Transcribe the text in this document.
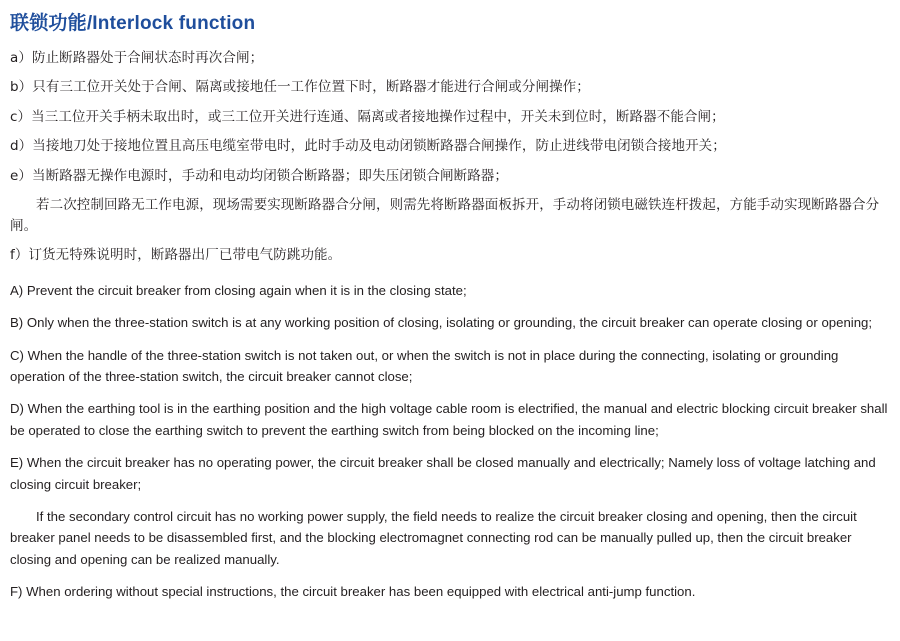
联锁功能/Interlock function

a）防止断路器处于合闸状态时再次合闸；

b）只有三工位开关处于合闸、隔离或接地任一工作位置下时，断路器才能进行合闸或分闸操作；

c）当三工位开关手柄未取出时，或三工位开关进行连通、隔离或者接地操作过程中，开关未到位时，断路器不能合闸；

d）当接地刀处于接地位置且高压电缆室带电时，此时手动及电动闭锁断路器合闸操作，防止进线带电闭锁合接地开关；

e）当断路器无操作电源时，手动和电动均闭锁合断路器；即失压闭锁合闸断路器；

若二次控制回路无工作电源，现场需要实现断路器合分闸，则需先将断路器面板拆开，手动将闭锁电磁铁连杆拨起，方能手动实现断路器合分闸。

f）订货无特殊说明时，断路器出厂已带电气防跳功能。

A) Prevent the circuit breaker from closing again when it is in the closing state;

B) Only when the three-station switch is at any working position of closing, isolating or grounding, the circuit breaker can operate closing or opening;

C) When the handle of the three-station switch is not taken out, or when the switch is not in place during the connecting, isolating or grounding operation of the three-station switch, the circuit breaker cannot close;

D) When the earthing tool is in the earthing position and the high voltage cable room is electrified, the manual and electric blocking circuit breaker shall be operated to close the earthing switch to prevent the earthing switch from being blocked on the incoming line;

E) When the circuit breaker has no operating power, the circuit breaker shall be closed manually and electrically; Namely loss of voltage latching and closing circuit breaker;

If the secondary control circuit has no working power supply, the field needs to realize the circuit breaker closing and opening, then the circuit breaker panel needs to be disassembled first, and the blocking electromagnet connecting rod can be manually pulled up, then the circuit breaker closing and opening can be realized manually.

F) When ordering without special instructions, the circuit breaker has been equipped with electrical anti-jump function.
